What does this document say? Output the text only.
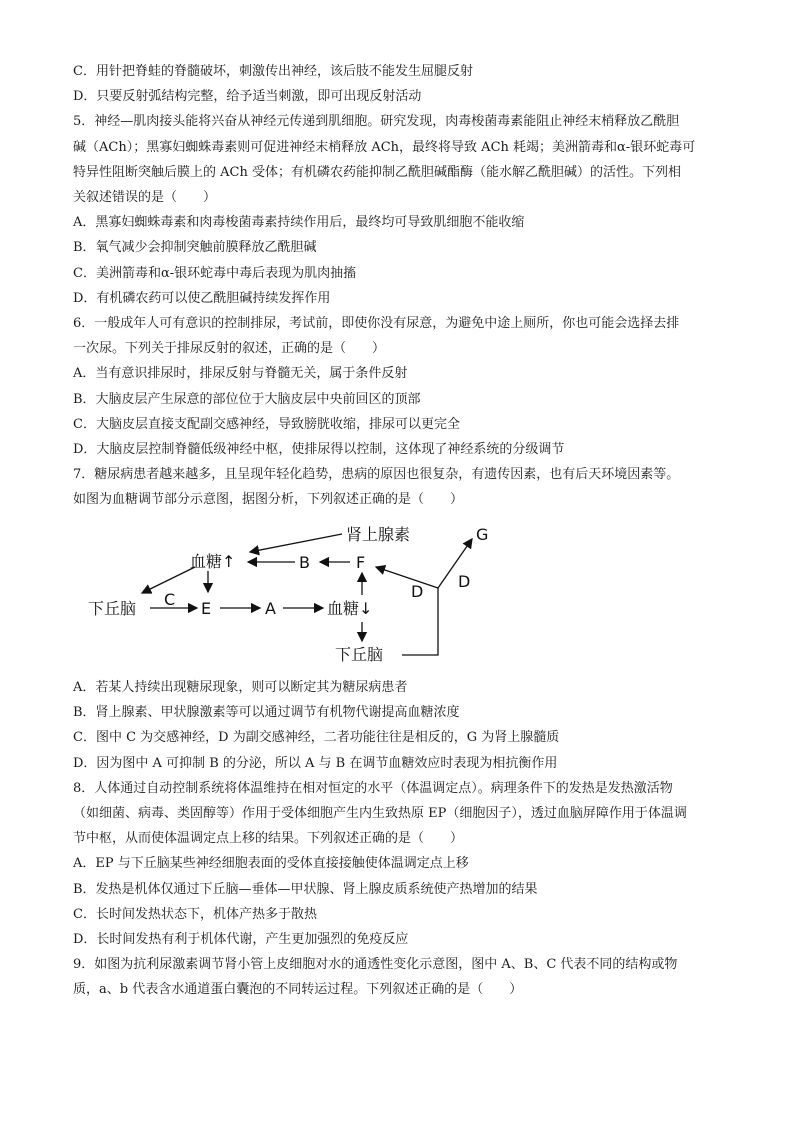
C．用针把脊蛙的脊髓破坏，刺激传出神经，该后肢不能发生屈腿反射
D．只要反射弧结构完整，给予适当刺激，即可出现反射活动
5．神经—肌肉接头能将兴奋从神经元传递到肌细胞。研究发现，肉毒梭菌毒素能阻止神经末梢释放乙酰胆
碱（ACh）；黑寡妇蜘蛛毒素则可促进神经末梢释放 ACh，最终将导致 ACh 耗竭；美洲箭毒和α-银环蛇毒可
特异性阻断突触后膜上的 ACh 受体；有机磷农药能抑制乙酰胆碱酯酶（能水解乙酰胆碱）的活性。下列相
关叙述错误的是（　　）
A．黑寡妇蜘蛛毒素和肉毒梭菌毒素持续作用后，最终均可导致肌细胞不能收缩
B．氧气减少会抑制突触前膜释放乙酰胆碱
C．美洲箭毒和α-银环蛇毒中毒后表现为肌肉抽搐
D．有机磷农药可以使乙酰胆碱持续发挥作用
6．一般成年人可有意识的控制排尿，考试前，即使你没有尿意，为避免中途上厕所，你也可能会选择去排
一次尿。下列关于排尿反射的叙述，正确的是（　　）
A．当有意识排尿时，排尿反射与脊髓无关，属于条件反射
B．大脑皮层产生尿意的部位位于大脑皮层中央前回区的顶部
C．大脑皮层直接支配副交感神经，导致膀胱收缩，排尿可以更完全
D．大脑皮层控制脊髓低级神经中枢，使排尿得以控制，这体现了神经系统的分级调节
7．糖尿病患者越来越多，且呈现年轻化趋势，患病的原因也很复杂，有遗传因素，也有后天环境因素等。
如图为血糖调节部分示意图，据图分析，下列叙述正确的是（　　）
肾上腺素	G
血糖↑	B	F
D
D
下丘脑 C E	A	血糖↓
下丘脑
A．若某人持续出现糖尿现象，则可以断定其为糖尿病患者
B．肾上腺素、甲状腺激素等可以通过调节有机物代谢提高血糖浓度
C．图中 C 为交感神经，D 为副交感神经，二者功能往往是相反的，G 为肾上腺髓质
D．因为图中 A 可抑制 B 的分泌，所以 A 与 B 在调节血糖效应时表现为相抗衡作用
8．人体通过自动控制系统将体温维持在相对恒定的水平（体温调定点）。病理条件下的发热是发热激活物
（如细菌、病毒、类固醇等）作用于受体细胞产生内生致热原 EP（细胞因子），透过血脑屏障作用于体温调
节中枢，从而使体温调定点上移的结果。下列叙述正确的是（　　）
A．EP 与下丘脑某些神经细胞表面的受体直接接触使体温调定点上移
B．发热是机体仅通过下丘脑—垂体—甲状腺、肾上腺皮质系统使产热增加的结果
C．长时间发热状态下，机体产热多于散热
D．长时间发热有利于机体代谢，产生更加强烈的免疫反应
9．如图为抗利尿激素调节肾小管上皮细胞对水的通透性变化示意图，图中 A、B、C 代表不同的结构或物
质，a、b 代表含水通道蛋白囊泡的不同转运过程。下列叙述正确的是（　　）
